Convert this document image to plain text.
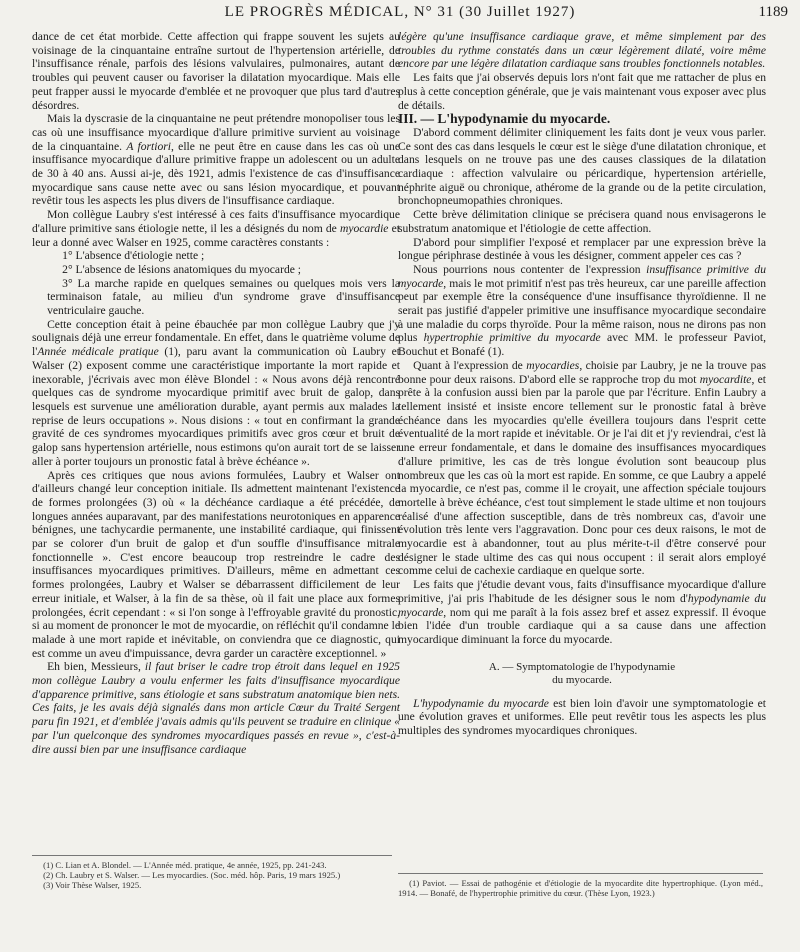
LE PROGRÈS MÉDICAL, N° 31 (30 Juillet 1927)	1189

dance de cet état morbide. Cette affection qui frappe souvent les sujets au voisinage de la cinquantaine entraîne surtout de l'hypertension artérielle, de l'insuffisance rénale, parfois des lésions valvulaires, pulmonaires, autant de troubles qui peuvent causer ou favoriser la dilatation myocardique. Mais elle peut frapper aussi le myocarde d'emblée et ne provoquer que plus tard d'autres désordres.

Mais la dyscrasie de la cinquantaine ne peut prétendre monopoliser tous les cas où une insuffisance myocardique d'allure primitive survient au voisinage de la cinquantaine. A fortiori, elle ne peut être en cause dans les cas où une insuffisance myocardique d'allure primitive frappe un adolescent ou un adulte de 30 à 40 ans. Aussi ai-je, dès 1921, admis l'existence de cas d'insuffisance myocardique sans cause nette avec ou sans lésion myocardique, et pouvant revêtir tous les aspects les plus divers de l'insuffisance cardiaque.

Mon collègue Laubry s'est intéressé à ces faits d'insuffisance myocardique d'allure primitive sans étiologie nette, il les a désignés du nom de myocardie et leur a donné avec Walser en 1925, comme caractères constants :

1° L'absence d'étiologie nette ;

2° L'absence de lésions anatomiques du myocarde ;

3° La marche rapide en quelques semaines ou quelques mois vers la terminaison fatale, au milieu d'un syndrome grave d'insuffisance ventriculaire gauche.

Cette conception était à peine ébauchée par mon collègue Laubry que j'y soulignais déjà une erreur fondamentale. En effet, dans le quatrième volume de l'Année médicale pratique (1), paru avant la communication où Laubry et Walser (2) exposent comme une caractéristique importante la mort rapide et inexorable, j'écrivais avec mon élève Blondel : « Nous avons déjà rencontré quelques cas de syndrome myocardique primitif avec bruit de galop, dans lesquels est survenue une amélioration durable, ayant permis aux malades la reprise de leurs occupations ». Nous disions : « tout en confirmant la grande gravité de ces syndromes myocardiques primitifs avec gros cœur et bruit de galop sans hypertension artérielle, nous estimons qu'on aurait tort de se laisser aller à porter toujours un pronostic fatal à brève échéance ».

Après ces critiques que nous avions formulées, Laubry et Walser ont d'ailleurs changé leur conception initiale. Ils admettent maintenant l'existence de formes prolongées (3) où « la déchéance cardiaque a été précédée, de longues années auparavant, par des manifestations neurotoniques en apparence bénignes, une tachycardie permanente, une instabilité cardiaque, qui finissent par se colorer d'un bruit de galop et d'un souffle d'insuffisance mitrale fonctionnelle ». C'est encore beaucoup trop restreindre le cadre des insuffisances myocardiques primitives. D'ailleurs, même en admettant ces formes prolongées, Laubry et Walser se débarrassent difficilement de leur erreur initiale, et Walser, à la fin de sa thèse, où il fait une place aux formes prolongées, écrit cependant : « si l'on songe à l'effroyable gravité du pronostic, si au moment de prononcer le mot de myocardie, on réfléchit qu'il condamne le malade à une mort rapide et inévitable, on conviendra que ce diagnostic, qui est comme un aveu d'impuissance, devra garder un caractère exceptionnel. »

Eh bien, Messieurs, il faut briser le cadre trop étroit dans lequel en 1925 mon collègue Laubry a voulu enfermer les faits d'insuffisance myocardique d'apparence primitive, sans étiologie et sans substratum anatomique bien nets. Ces faits, je les avais déjà signalés dans mon article Cœur du Traité Sergent paru fin 1921, et d'emblée j'avais admis qu'ils peuvent se traduire en clinique « par l'un quelconque des syndromes myocardiques passés en revue », c'est-à-dire aussi bien par une insuffisance cardiaque

(1) C. Lian et A. Blondel. — L'Année méd. pratique, 4e année, 1925, pp. 241-243.

(2) Ch. Laubry et S. Walser. — Les myocardies. (Soc. méd. hôp. Paris, 19 mars 1925.)

(3) Voir Thèse Walser, 1925.

légère qu'une insuffisance cardiaque grave, et même simplement par des troubles du rythme constatés dans un cœur légèrement dilaté, voire même encore par une légère dilatation cardiaque sans troubles fonctionnels notables.

Les faits que j'ai observés depuis lors n'ont fait que me rattacher de plus en plus à cette conception générale, que je vais maintenant vous exposer avec plus de détails.

III. — L'hypodynamie du myocarde.

D'abord comment délimiter cliniquement les faits dont je veux vous parler. Ce sont des cas dans lesquels le cœur est le siège d'une dilatation chronique, et dans lesquels on ne trouve pas une des causes classiques de la dilatation cardiaque : affection valvulaire ou péricardique, hypertension artérielle, néphrite aiguë ou chronique, athérome de la grande ou de la petite circulation, bronchopneumopathies chroniques.

Cette brève délimitation clinique se précisera quand nous envisagerons le substratum anatomique et l'étiologie de cette affection.

D'abord pour simplifier l'exposé et remplacer par une expression brève la longue périphrase destinée à vous les désigner, comment appeler ces cas ?

Nous pourrions nous contenter de l'expression insuffisance primitive du myocarde, mais le mot primitif n'est pas très heureux, car une pareille affection peut par exemple être la conséquence d'une insuffisance thyroïdienne. Il ne serait pas justifié d'appeler primitive une insuffisance myocardique secondaire à une maladie du corps thyroïde. Pour la même raison, nous ne dirons pas non plus hypertrophie primitive du myocarde avec MM. le professeur Paviot, Bouchut et Bonafé (1).

Quant à l'expression de myocardies, choisie par Laubry, je ne la trouve pas bonne pour deux raisons. D'abord elle se rapproche trop du mot myocardite, et prête à la confusion aussi bien par la parole que par l'écriture. Enfin Laubry a tellement insisté et insiste encore tellement sur le pronostic fatal à brève échéance dans les myocardies qu'elle éveillera toujours dans l'esprit cette éventualité de la mort rapide et inévitable. Or je l'ai dit et j'y reviendrai, c'est là une erreur fondamentale, et dans le domaine des insuffisances myocardiques d'allure primitive, les cas de très longue évolution sont beaucoup plus nombreux que les cas où la mort est rapide. En somme, ce que Laubry a appelé la myocardie, ce n'est pas, comme il le croyait, une affection spéciale toujours mortelle à brève échéance, c'est tout simplement le stade ultime et non toujours réalisé d'une affection susceptible, dans de très nombreux cas, d'avoir une évolution très lente vers l'aggravation. Donc pour ces deux raisons, le mot de myocardie est à abandonner, tout au plus mérite-t-il d'être conservé pour désigner le stade ultime des cas qui nous occupent : il serait alors employé comme celui de cachexie cardiaque en quelque sorte.

Les faits que j'étudie devant vous, faits d'insuffisance myocardique d'allure primitive, j'ai pris l'habitude de les désigner sous le nom d'hypodynamie du myocarde, nom qui me paraît à la fois assez bref et assez expressif. Il évoque bien l'idée d'un trouble cardiaque qui a sa cause dans une affection myocardique diminuant la force du myocarde.

A. — Symptomatologie de l'hypodynamie
du myocarde.

L'hypodynamie du myocarde est bien loin d'avoir une symptomatologie et une évolution graves et uniformes. Elle peut revêtir tous les aspects les plus multiples des syndromes myocardiques chroniques.

(1) Paviot. — Essai de pathogénie et d'étiologie de la myocardite dite hypertrophique. (Lyon méd., 1914. — Bonafé, de l'hypertrophie primitive du cœur. (Thèse Lyon, 1923.)
